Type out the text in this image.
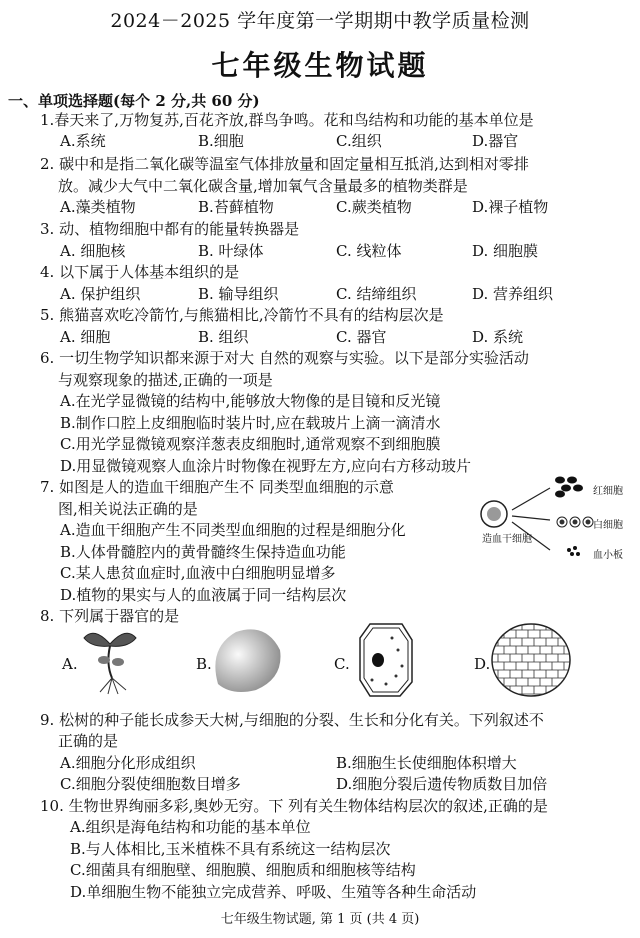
2024－2025 学年度第一学期期中教学质量检测
七年级生物试题
一、单项选择题(每个 2 分,共 60 分)
1.春天来了,万物复苏,百花齐放,群鸟争鸣。花和鸟结构和功能的基本单位是
A.系统	B.细胞	C.组织	D.器官
2. 碳中和是指二氧化碳等温室气体排放量和固定量相互抵消,达到相对零排
放。减少大气中二氧化碳含量,增加氧气含量最多的植物类群是
A.藻类植物	B.苔藓植物	C.蕨类植物	D.裸子植物
3. 动、植物细胞中都有的能量转换器是
A. 细胞核	B. 叶绿体	C. 线粒体	D. 细胞膜
4. 以下属于人体基本组织的是
A. 保护组织	B. 输导组织	C. 结缔组织	D. 营养组织
5. 熊猫喜欢吃冷箭竹,与熊猫相比,冷箭竹不具有的结构层次是
A. 细胞	B. 组织	C. 器官	D. 系统
6. 一切生物学知识都来源于对大 自然的观察与实验。以下是部分实验活动
与观察现象的描述,正确的一项是
A.在光学显微镜的结构中,能够放大物像的是目镜和反光镜
B.制作口腔上皮细胞临时装片时,应在载玻片上滴一滴清水
C.用光学显微镜观察洋葱表皮细胞时,通常观察不到细胞膜
D.用显微镜观察人血涂片时物像在视野左方,应向右方移动玻片
7. 如图是人的造血干细胞产生不 同类型血细胞的示意
图,相关说法正确的是
A.造血干细胞产生不同类型血细胞的过程是细胞分化
B.人体骨髓腔内的黄骨髓终生保持造血功能
C.某人患贫血症时,血液中白细胞明显增多
D.植物的果实与人的血液属于同一结构层次
造血干细胞
红细胞
白细胞
血小板
8. 下列属于器官的是
A.	B.	C.	D.
9. 松树的种子能长成参天大树,与细胞的分裂、生长和分化有关。下列叙述不
正确的是
A.细胞分化形成组织	B.细胞生长使细胞体积增大
C.细胞分裂使细胞数目增多	D.细胞分裂后遗传物质数目加倍
10. 生物世界绚丽多彩,奥妙无穷。下 列有关生物体结构层次的叙述,正确的是
A.组织是海龟结构和功能的基本单位
B.与人体相比,玉米植株不具有系统这一结构层次
C.细菌具有细胞壁、细胞膜、细胞质和细胞核等结构
D.单细胞生物不能独立完成营养、呼吸、生殖等各种生命活动
七年级生物试题, 第 1 页 (共 4 页)
